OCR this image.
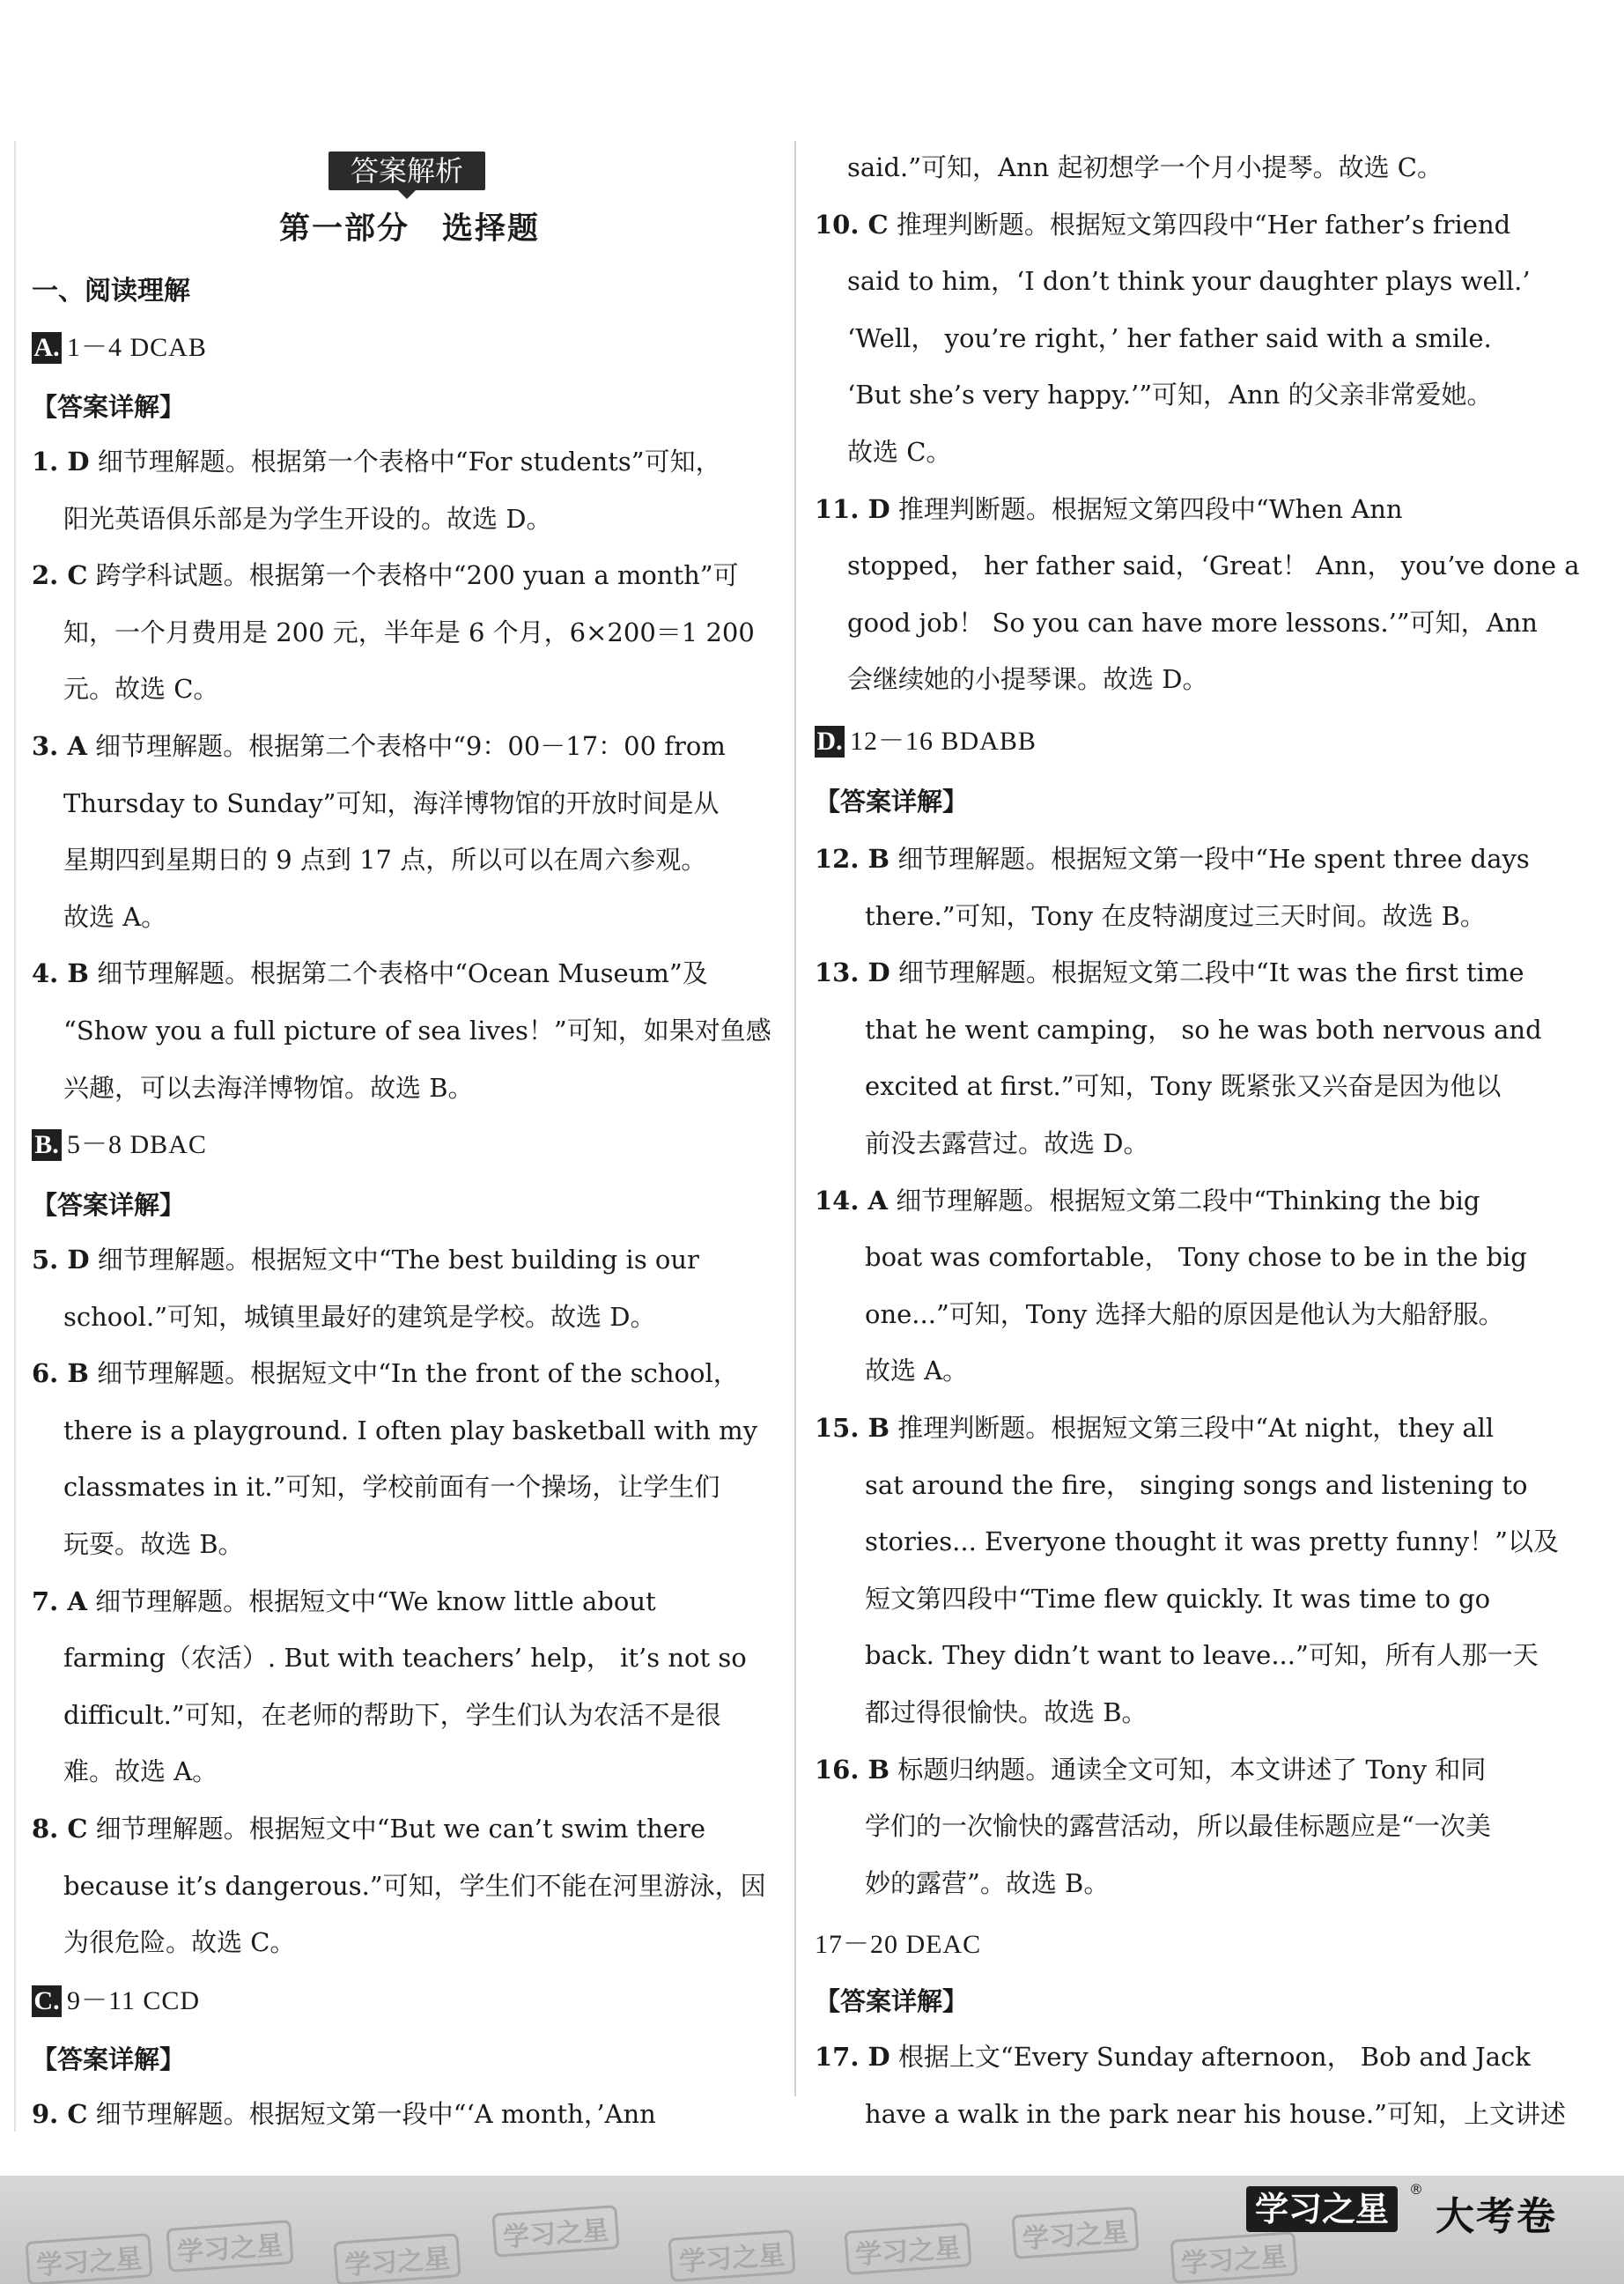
答案解析
第一部分　选择题
一、阅读理解
A. 1－4 DCAB
【答案详解】
1. D 细节理解题。根据第一个表格中“For students”可知，
阳光英语俱乐部是为学生开设的。故选 D。
2. C 跨学科试题。根据第一个表格中“200 yuan a month”可
知，一个月费用是 200 元，半年是 6 个月，6×200＝1 200
元。故选 C。
3. A 细节理解题。根据第二个表格中“9：00－17：00 from
Thursday to Sunday”可知，海洋博物馆的开放时间是从
星期四到星期日的 9 点到 17 点，所以可以在周六参观。
故选 A。
4. B 细节理解题。根据第二个表格中“Ocean Museum”及
“Show you a full picture of sea lives！”可知，如果对鱼感
兴趣，可以去海洋博物馆。故选 B。
B. 5－8 DBAC
【答案详解】
5. D 细节理解题。根据短文中“The best building is our
school.”可知，城镇里最好的建筑是学校。故选 D。
6. B 细节理解题。根据短文中“In the front of the school，
there is a playground. I often play basketball with my
classmates in it.”可知，学校前面有一个操场，让学生们
玩耍。故选 B。
7. A 细节理解题。根据短文中“We know little about
farming（农活）. But with teachers’ help， it’s not so
difficult.”可知，在老师的帮助下，学生们认为农活不是很
难。故选 A。
8. C 细节理解题。根据短文中“But we can’t swim there
because it’s dangerous.”可知，学生们不能在河里游泳，因
为很危险。故选 C。
C. 9－11 CCD
【答案详解】
9. C 细节理解题。根据短文第一段中“‘A month，’Ann
said.”可知，Ann 起初想学一个月小提琴。故选 C。
10. C 推理判断题。根据短文第四段中“Her father’s friend
said to him，‘I don’t think your daughter plays well.’
‘Well， you’re right，’ her father said with a smile.
‘But she’s very happy.’”可知，Ann 的父亲非常爱她。
故选 C。
11. D 推理判断题。根据短文第四段中“When Ann
stopped， her father said，‘Great！ Ann， you’ve done a
good job！ So you can have more lessons.’”可知，Ann
会继续她的小提琴课。故选 D。
D. 12－16 BDABB
【答案详解】
12. B 细节理解题。根据短文第一段中“He spent three days
there.”可知，Tony 在皮特湖度过三天时间。故选 B。
13. D 细节理解题。根据短文第二段中“It was the first time
that he went camping， so he was both nervous and
excited at first.”可知，Tony 既紧张又兴奋是因为他以
前没去露营过。故选 D。
14. A 细节理解题。根据短文第二段中“Thinking the big
boat was comfortable， Tony chose to be in the big
one...”可知，Tony 选择大船的原因是他认为大船舒服。
故选 A。
15. B 推理判断题。根据短文第三段中“At night，they all
sat around the fire， singing songs and listening to
stories... Everyone thought it was pretty funny！”以及
短文第四段中“Time flew quickly. It was time to go
back. They didn’t want to leave...”可知，所有人那一天
都过得很愉快。故选 B。
16. B 标题归纳题。通读全文可知，本文讲述了 Tony 和同
学们的一次愉快的露营活动，所以最佳标题应是“一次美
妙的露营”。故选 B。
17－20 DEAC
【答案详解】
17. D 根据上文“Every Sunday afternoon， Bob and Jack
have a walk in the park near his house.”可知，上文讲述
学习之星	学习之星	学习之星
学习之星
学习之星	学习之星	学习之星
学习之星
学习之星
®
大考卷
